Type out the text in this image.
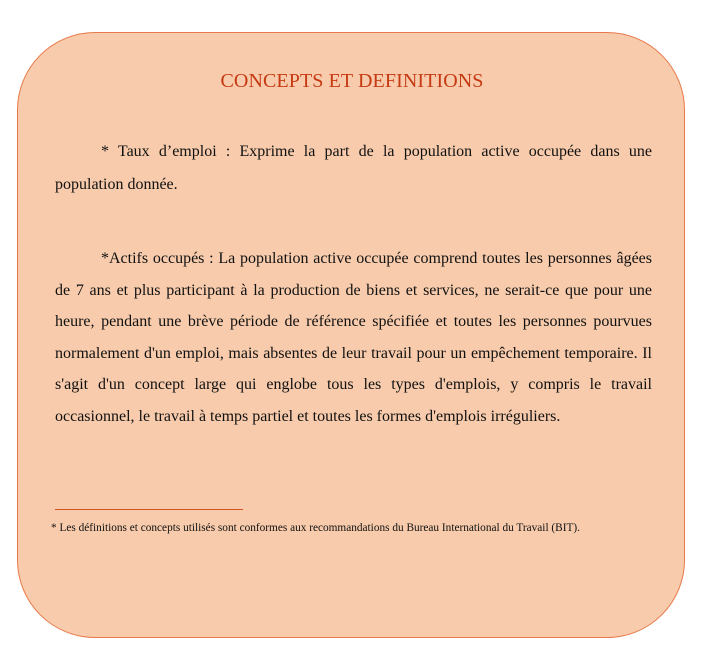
CONCEPTS ET DEFINITIONS

* Taux d’emploi : Exprime la part de la population active occupée dans une population donnée.

*Actifs occupés : La population active occupée comprend toutes les personnes âgées de 7 ans et plus participant à la production de biens et services, ne serait-ce que pour une heure, pendant une brève période de référence spécifiée et toutes les personnes pourvues normalement d'un emploi, mais absentes de leur travail pour un empêchement temporaire. Il s'agit d'un concept large qui englobe tous les types d'emplois, y compris le travail occasionnel, le travail à temps partiel et toutes les formes d'emplois irréguliers.

* Les définitions et concepts utilisés sont conformes aux recommandations du Bureau International du Travail (BIT).
